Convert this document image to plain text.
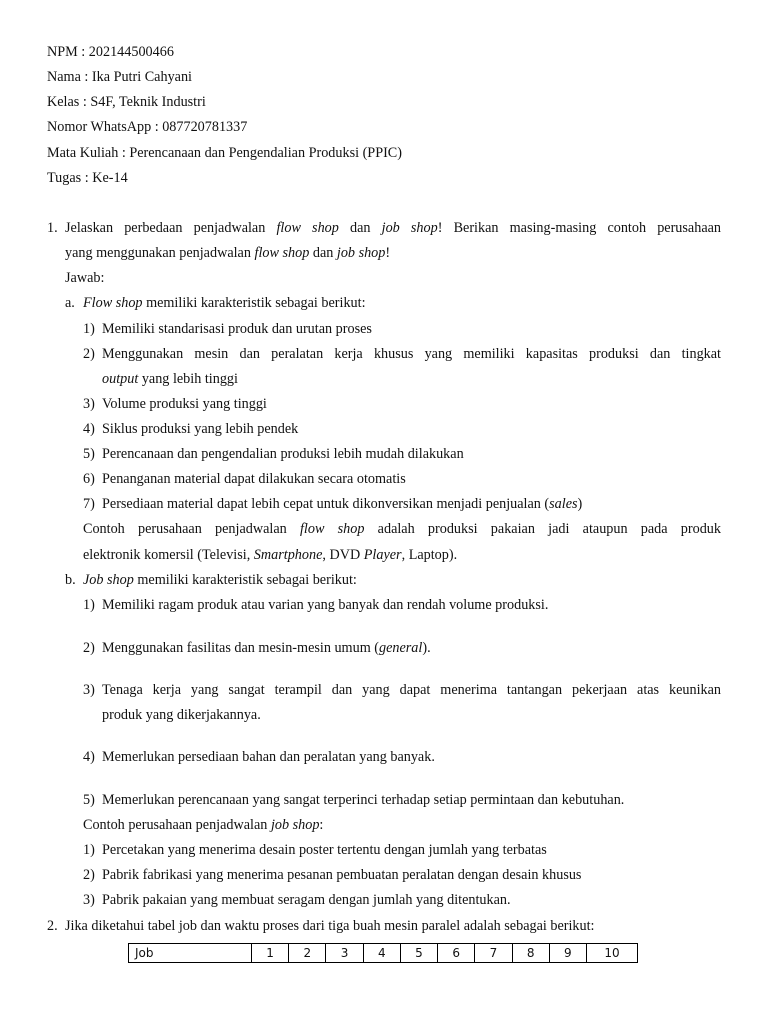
NPM : 202144500466
Nama : Ika Putri Cahyani
Kelas : S4F, Teknik Industri
Nomor WhatsApp : 087720781337
Mata Kuliah : Perencanaan dan Pengendalian Produksi (PPIC)
Tugas : Ke-14
1. Jelaskan perbedaan penjadwalan flow shop dan job shop! Berikan masing-masing contoh perusahaan
yang menggunakan penjadwalan flow shop dan job shop!
Jawab:
a. Flow shop memiliki karakteristik sebagai berikut:
1) Memiliki standarisasi produk dan urutan proses
2) Menggunakan mesin dan peralatan kerja khusus yang memiliki kapasitas produksi dan tingkat
output yang lebih tinggi
3) Volume produksi yang tinggi
4) Siklus produksi yang lebih pendek
5) Perencanaan dan pengendalian produksi lebih mudah dilakukan
6) Penanganan material dapat dilakukan secara otomatis
7) Persediaan material dapat lebih cepat untuk dikonversikan menjadi penjualan (sales)
Contoh perusahaan penjadwalan flow shop adalah produksi pakaian jadi ataupun pada produk
elektronik komersil (Televisi, Smartphone, DVD Player, Laptop).
b. Job shop memiliki karakteristik sebagai berikut:
1) Memiliki ragam produk atau varian yang banyak dan rendah volume produksi.
2) Menggunakan fasilitas dan mesin-mesin umum (general).
3) Tenaga kerja yang sangat terampil dan yang dapat menerima tantangan pekerjaan atas keunikan
produk yang dikerjakannya.
4) Memerlukan persediaan bahan dan peralatan yang banyak.
5) Memerlukan perencanaan yang sangat terperinci terhadap setiap permintaan dan kebutuhan.
Contoh perusahaan penjadwalan job shop:
1) Percetakan yang menerima desain poster tertentu dengan jumlah yang terbatas
2) Pabrik fabrikasi yang menerima pesanan pembuatan peralatan dengan desain khusus
3) Pabrik pakaian yang membuat seragam dengan jumlah yang ditentukan.
2. Jika diketahui tabel job dan waktu proses dari tiga buah mesin paralel adalah sebagai berikut:
Job	1	2	3	4	5	6	7	8	9	10
